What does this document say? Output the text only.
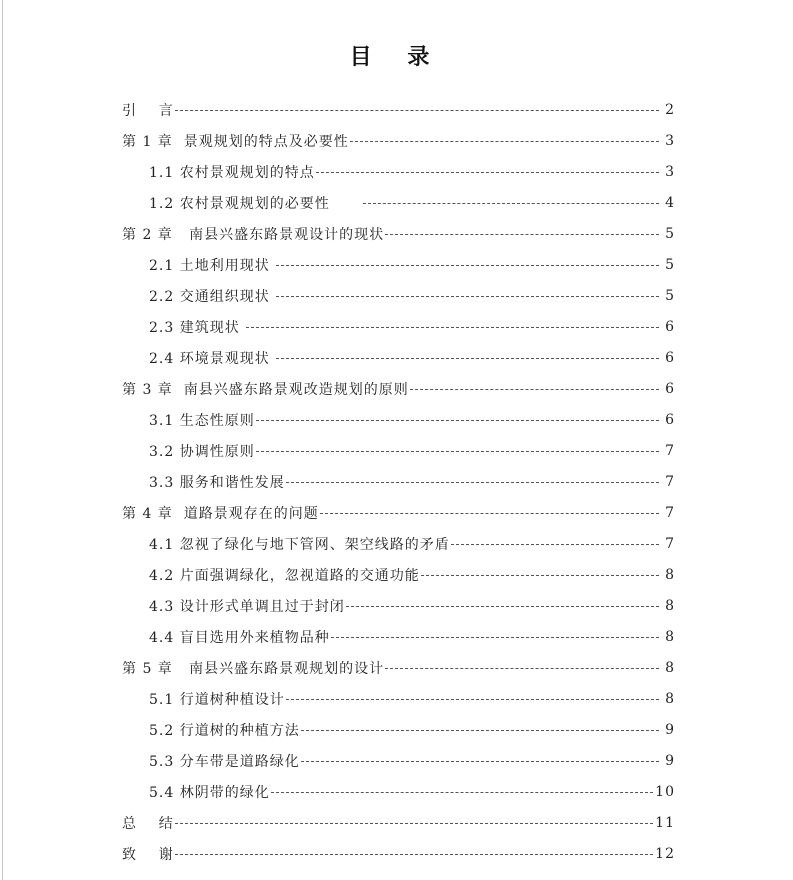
目 录
引    言	2
第 1 章  景观规划的特点及必要性	3
1.1 农村景观规划的特点	3
1.2 农村景观规划的必要性	4
第 2 章   南县兴盛东路景观设计的现状	5
2.1 土地利用现状	5
2.2 交通组织现状	5
2.3 建筑现状	6
2.4 环境景观现状	6
第 3 章  南县兴盛东路景观改造规划的原则	6
3.1 生态性原则	6
3.2 协调性原则	7
3.3 服务和谐性发展	7
第 4 章  道路景观存在的问题	7
4.1 忽视了绿化与地下管网、架空线路的矛盾	7
4.2 片面强调绿化，忽视道路的交通功能	8
4.3 设计形式单调且过于封闭	8
4.4 盲目选用外来植物品种	8
第 5 章   南县兴盛东路景观规划的设计	8
5.1 行道树种植设计	8
5.2 行道树的种植方法	9
5.3 分车带是道路绿化	9
5.4 林阴带的绿化	10
总    结	11
致    谢	12
